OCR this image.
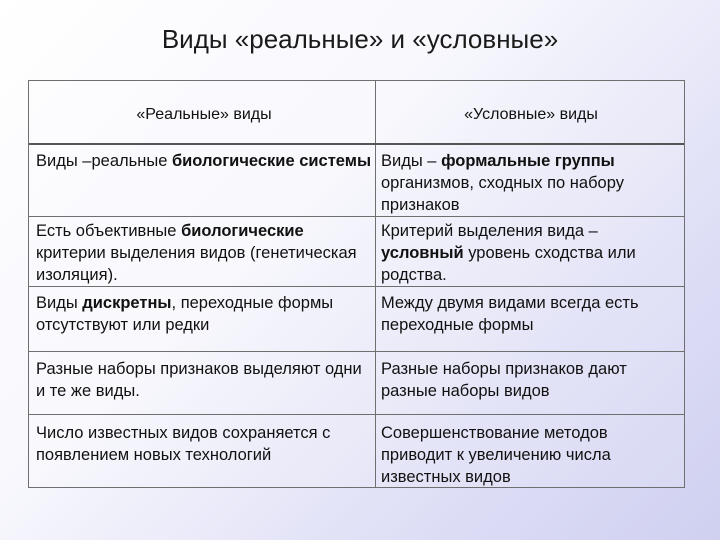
Виды «реальные» и «условные»
«Реальные» виды	«Условные» виды
Виды –реальные биологические системы Виды – формальные группы организмов, сходных по набору признаков
Есть объективные биологические критерии выделения видов (генетическая изоляция).
Критерий выделения вида – условный уровень сходства или родства.
Виды дискретны, переходные формы отсутствуют или редки
Между двумя видами всегда есть переходные формы
Разные наборы признаков выделяют одни и те же виды.
Разные наборы признаков дают разные наборы видов
Число известных видов сохраняется с появлением новых технологий
Совершенствование методов приводит к увеличению числа известных видов
